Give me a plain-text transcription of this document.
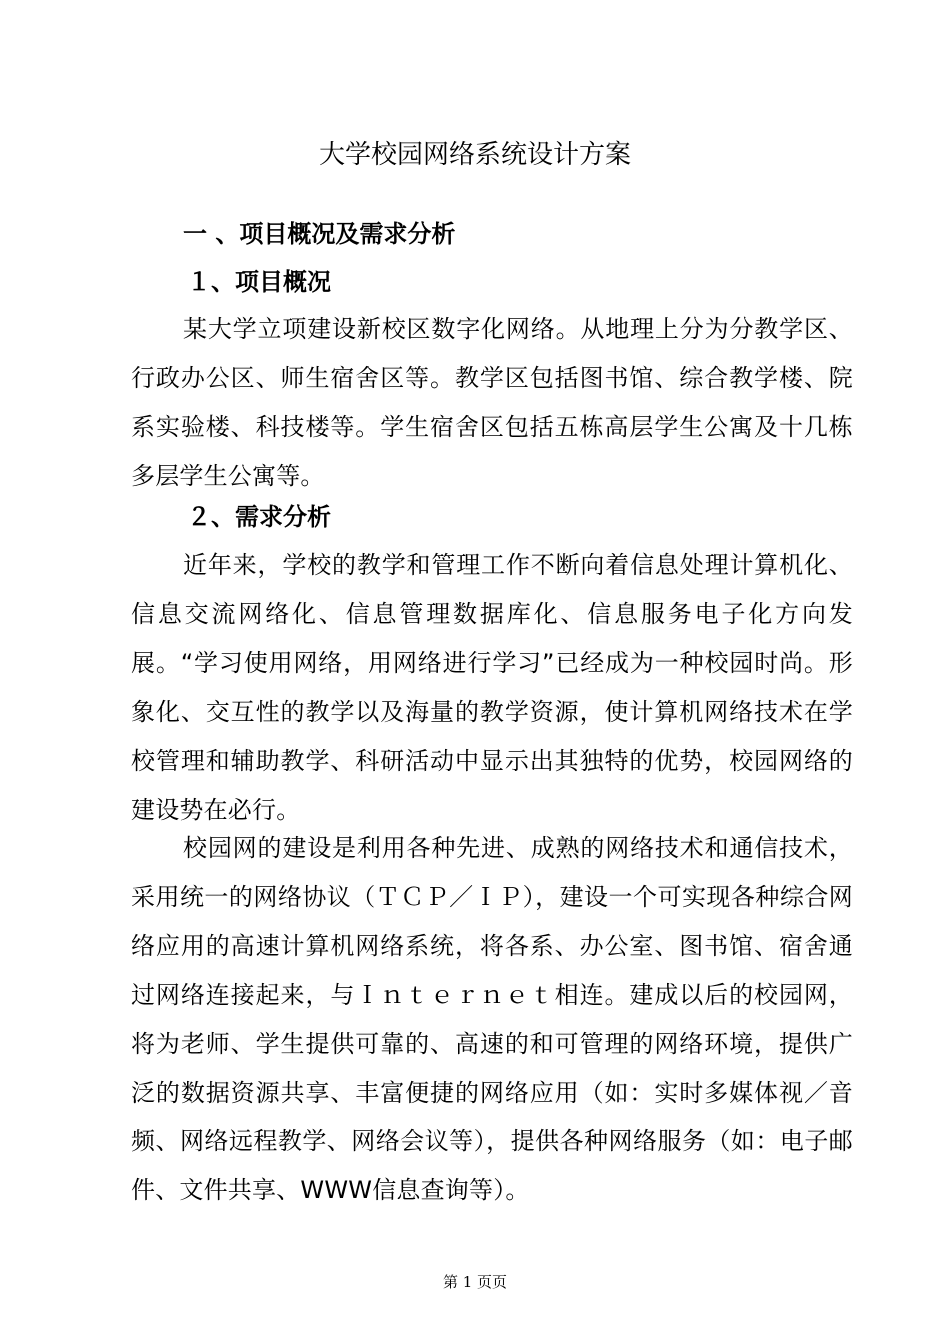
大学校园网络系统设计方案
一 、项目概况及需求分析
１、项目概况

某大学立项建设新校区数字化网络。从地理上分为分教学区、行政办公区、师生宿舍区等。教学区包括图书馆、综合教学楼、院系实验楼、科技楼等。学生宿舍区包括五栋高层学生公寓及十几栋多层学生公寓等。

２、需求分析

近年来，学校的教学和管理工作不断向着信息处理计算机化、信息交流网络化、信息管理数据库化、信息服务电子化方向发展。“学习使用网络，用网络进行学习”已经成为一种校园时尚。形象化、交互性的教学以及海量的教学资源，使计算机网络技术在学校管理和辅助教学、科研活动中显示出其独特的优势，校园网络的建设势在必行。

校园网的建设是利用各种先进、成熟的网络技术和通信技术，采用统一的网络协议（ＴＣＰ／ＩＰ），建设一个可实现各种综合网络应用的高速计算机网络系统，将各系、办公室、图书馆、宿舍通过网络连接起来，与Ｉｎｔｅｒｎｅｔ相连。建成以后的校园网，将为老师、学生提供可靠的、高速的和可管理的网络环境，提供广泛的数据资源共享、丰富便捷的网络应用（如：实时多媒体视／音频、网络远程教学、网络会议等），提供各种网络服务（如：电子邮件、文件共享、WWW信息查询等）。

第 1 页页
